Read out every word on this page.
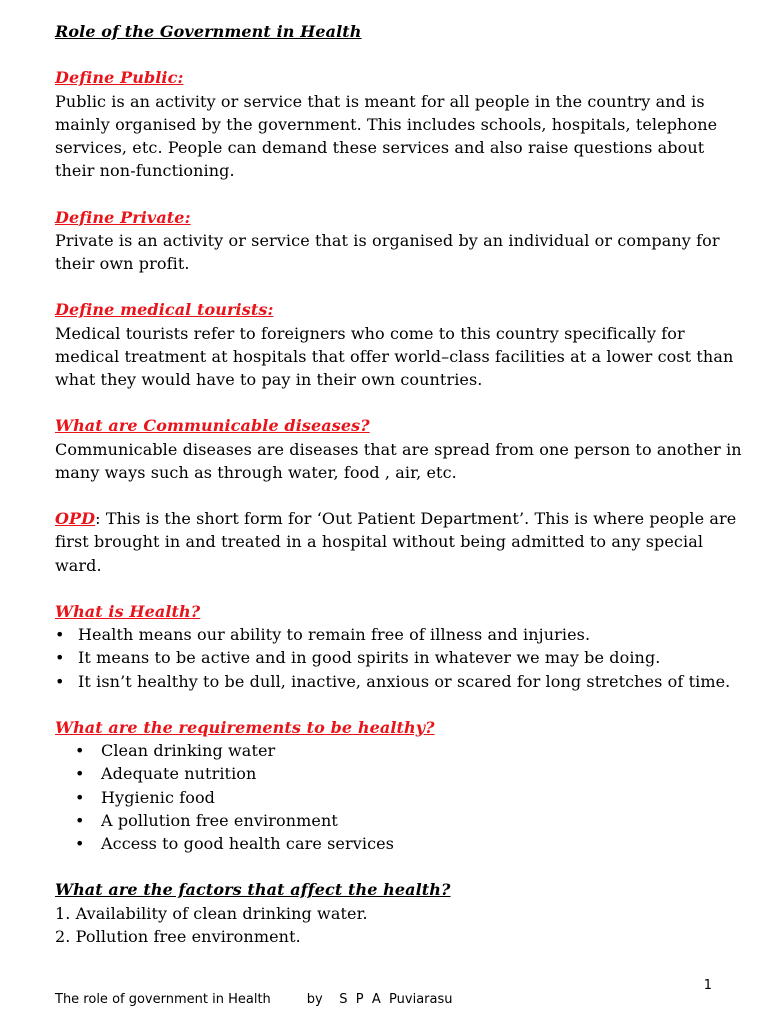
Role of the Government in Health

Define Public:

Public is an activity or service that is meant for all people in the country and is mainly organised by the government. This includes schools, hospitals, telephone services, etc. People can demand these services and also raise questions about their non-functioning.

Define Private:

Private is an activity or service that is organised by an individual or company for their own profit.

Define medical tourists:

Medical tourists refer to foreigners who come to this country specifically for medical treatment at hospitals that offer world–class facilities at a lower cost than what they would have to pay in their own countries.

What are Communicable diseases?

Communicable diseases are diseases that are spread from one person to another in many ways such as through water, food , air, etc.

OPD: This is the short form for ‘Out Patient Department’. This is where people are first brought in and treated in a hospital without being admitted to any special ward.

What is Health?

• Health means our ability to remain free of illness and injuries.
• It means to be active and in good spirits in whatever we may be doing.
• It isn’t healthy to be dull, inactive, anxious or scared for long stretches of time.

What are the requirements to be healthy?

• Clean drinking water
• Adequate nutrition
• Hygienic food
• A pollution free environment
• Access to good health care services

What are the factors that affect the health?

1. Availability of clean drinking water.

2. Pollution free environment.

1
The role of government in Health	by    S  P  A  Puviarasu
